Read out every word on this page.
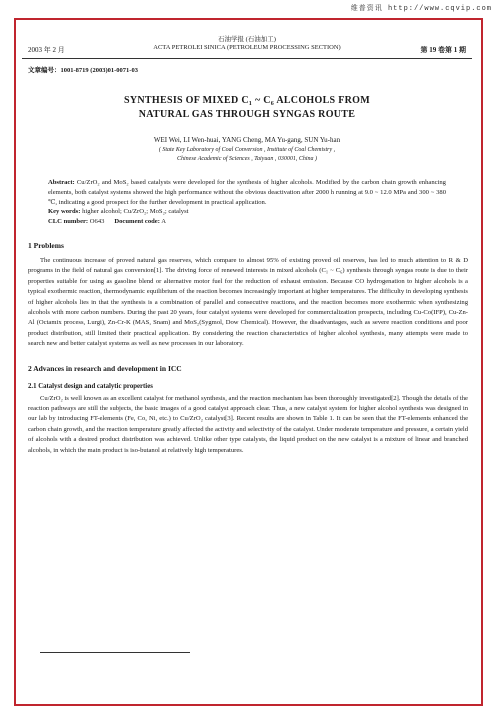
维普资讯 http://www.cqvip.com
2003 年 2 月
石油学报 (石油加工)
ACTA PETROLEI SINICA (PETROLEUM PROCESSING SECTION)	第 19 卷第 1 期
文章编号：1001-8719 (2003)01-0071-03
SYNTHESIS OF MIXED C₁ ~ C₆ ALCOHOLS FROM
NATURAL GAS THROUGH SYNGAS ROUTE
WEI Wei, LI Wen-huai, YANG Cheng, MA Yu-gang, SUN Yu-han
( State Key Laboratory of Coal Conversion , Institute of Coal Chemistry ,
Chinese Academic of Sciences , Taiyuan , 030001, China )
Abstract: Cu/ZrO₂ and MoS₂ based catalysts were developed for the synthesis of higher alcohols. Modified by the carbon chain growth enhancing elements, both catalyst systems showed the high performance without the obvious deactivation after 2000 h running at 9.0 ~ 12.0 MPa and 300 ~ 380 ℃, indicating a good prospect for the further development in practical application.
Key words: higher alcohol; Cu/ZrO₂; MoS₂; catalyst
CLC number: O643 Document code: A
1 Problems
The continuous increase of proved natural gas reserves, which compare to almost 95% of existing proved oil reserves, has led to much attention to R & D programs in the field of natural gas conversion[1]. The driving force of renewed interests in mixed alcohols (C₁ ~ C₆) synthesis through syngas route is due to their properties suitable for using as gasoline blend or alternative motor fuel for the reduction of exhaust emission. Because CO hydrogenation to higher alcohols is a typical exothermic reaction, thermodynamic equilibrium of the reaction becomes increasingly important at higher temperatures. The difficulty in developing synthesis of higher alcohols lies in that the synthesis is a combination of parallel and consecutive reactions, and the reaction becomes more exothermic when synthesizing alcohols with more carbon numbers. During the past 20 years, four catalyst systems were developed for commercialization prospects, including Cu-Co(IFP), Cu-Zn-Al (Octamix process, Lurgi), Zn-Cr-K (MAS, Snam) and MoS₂(Sygmol, Dow Chemical). However, the disadvantages, such as severe reaction conditions and poor product distribution, still limited their practical application. By considering the reaction characteristics of higher alcohol synthesis, many attempts were made to search new and better catalyst systems as well as new processes in our laboratory.
2 Advances in research and development in ICC
2.1 Catalyst design and catalytic properties
Cu/ZrO₂ is well known as an excellent catalyst for methanol synthesis, and the reaction mechanism has been thoroughly investigated[2]. Though the details of the reaction pathways are still the subjects, the basic images of a good catalyst approach clear. Thus, a new catalyst system for higher alcohol synthesis was designed in our lab by introducing FT-elements (Fe, Co, Ni, etc.) to Cu/ZrO₂ catalyst[3]. Recent results are shown in Table 1. It can be seen that the FT-elements enhanced the carbon chain growth, and the reaction temperature greatly affected the activity and selectivity of the catalyst. Under moderate temperature and pressure, a certain yield of alcohols with a desired product distribution was achieved. Unlike other type catalysts, the liquid product on the new catalyst is a mixture of linear and branched alcohols, in which the main product is iso-butanol at relatively high temperatures.
